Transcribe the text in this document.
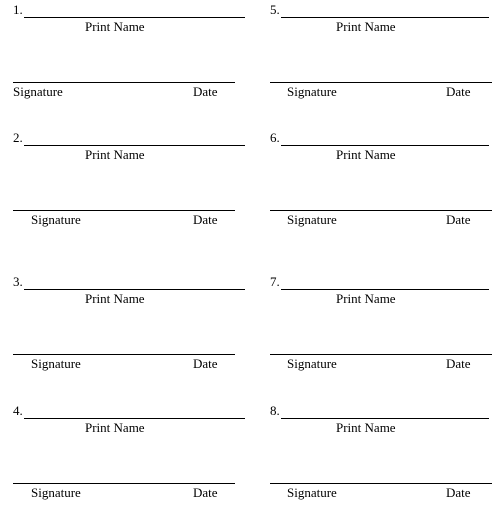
1.
Print Name
Signature	Date
2.
Print Name
Signature	Date
3.
Print Name
Signature	Date
4.
Print Name
Signature	Date
5.
Print Name
Signature	Date
6.
Print Name
Signature	Date
7.
Print Name
Signature	Date
8.
Print Name
Signature	Date
